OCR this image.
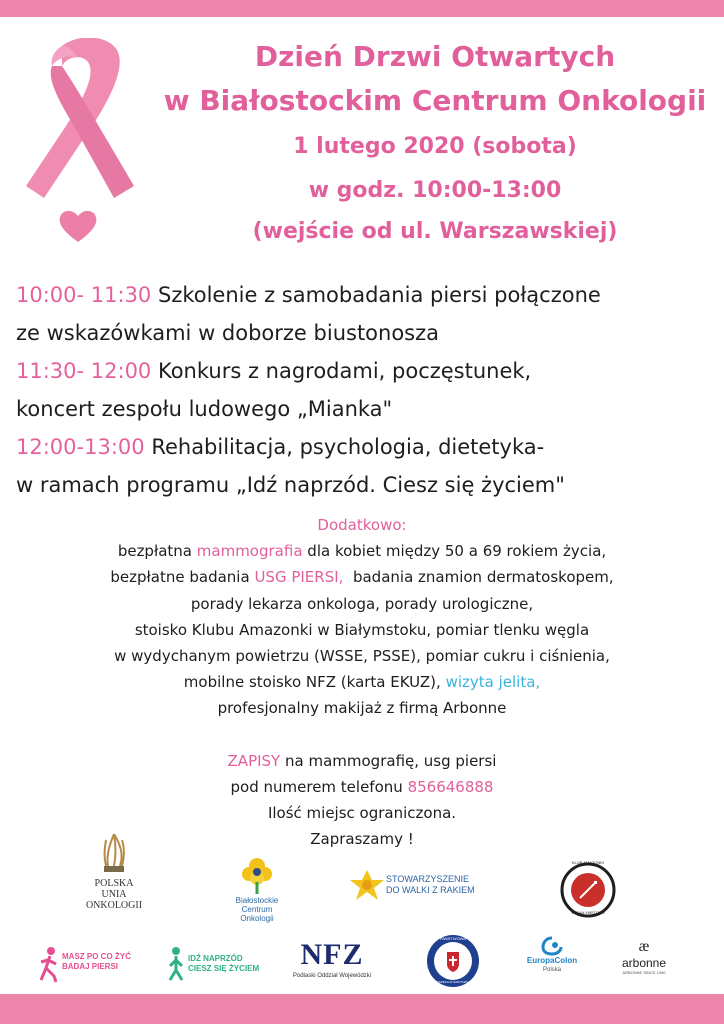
Dzień Drzwi Otwartych
w Białostockim Centrum Onkologii
1 lutego 2020 (sobota)
w godz. 10:00-13:00
(wejście od ul. Warszawskiej)
10:00- 11:30 Szkolenie z samobadania piersi połączone
ze wskazówkami w doborze biustonosza
11:30- 12:00 Konkurs z nagrodami, poczęstunek,
koncert zespołu ludowego „Mianka"
12:00-13:00 Rehabilitacja, psychologia, dietetyka-
w ramach programu „Idź naprzód. Ciesz się życiem"
Dodatkowo:
bezpłatna mammografia dla kobiet między 50 a 69 rokiem życia,
bezpłatne badania USG PIERSI, badania znamion dermatoskopem,
porady lekarza onkologa, porady urologiczne,
stoisko Klubu Amazonki w Białymstoku, pomiar tlenku węgla
w wydychanym powietrzu (WSSE, PSSE), pomiar cukru i ciśnienia,
mobilne stoisko NFZ (karta EKUZ), wizyta jelita,
profesjonalny makijaż z firmą Arbonne
ZAPISY na mammografię, usg piersi
pod numerem telefonu 856646888
Ilość miejsc ograniczona.
Zapraszamy !
POLSKA
UNIA
ONKOLOGII	Białostockie
Centrum
Onkologii
STOWARZYSZENIE
DO WALKI Z RAKIEM
KLUB AMAZONKI
W BIAŁYMSTOKU
MASZ PO CO ŻYĆ
BADAJ PIERSI
IDŹ NAPRZÓD
CIESZ SIĘ ŻYCIEM	NFZ
Podlaski Oddział Wojewódzki
PAŃSTWOWA
INSPEKCJA SANITARNA
EuropaColon
Polska
æ
arbonne
ARBONNE SINCE 1980
